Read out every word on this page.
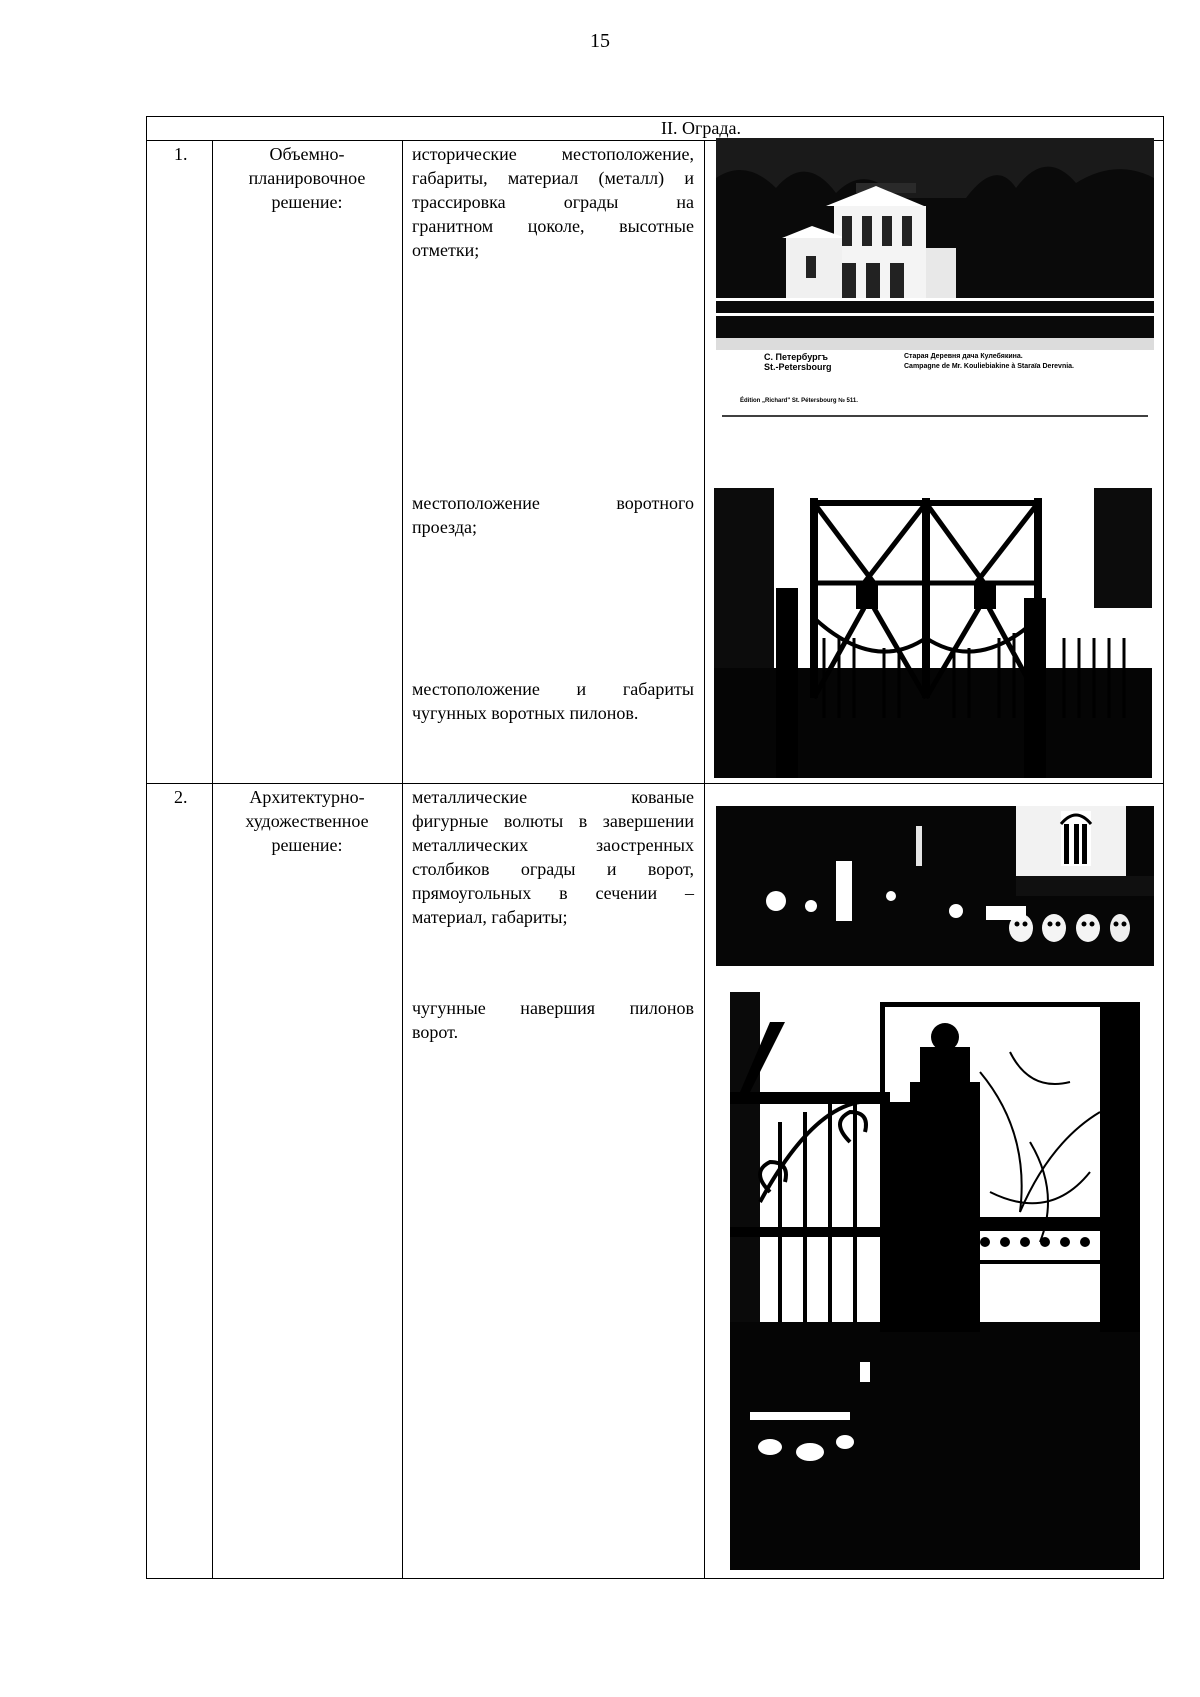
15
II. Ограда.
1.	Объемно-
планировочное
решение:
исторические местоположение,
габариты, материал (металл) и
трассировка ограды на
гранитном цоколе, высотные
отметки;
местоположение воротного
проезда;
местоположение и габариты
чугунных воротных пилонов.
С. Петербургъ
St.-Petersbourg
Старая Деревня дача Кулебякина.
Campagne de Mr. Kouliebiakine à Staraïa Derevnia.
Édition „Richard" St. Pétersbourg № 511.
2.	Архитектурно-
художественное
решение:
металлические кованые
фигурные волюты в завершении
металлических заостренных
столбиков ограды и ворот,
прямоугольных в сечении –
материал, габариты;
чугунные навершия пилонов
ворот.
